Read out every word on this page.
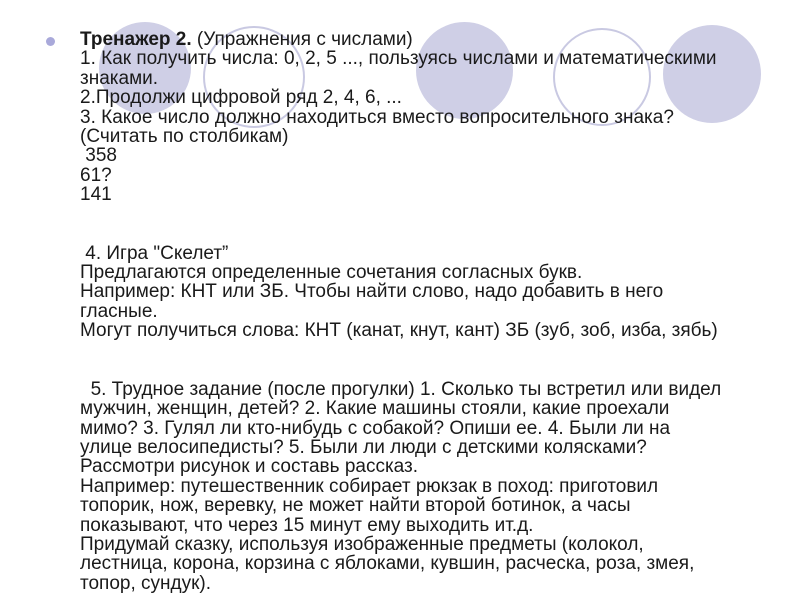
Тренажер 2. (Упражнения с числами)
1. Как получить числа: 0, 2, 5 ..., пользуясь числами и математическими
знаками.
2.Продолжи цифровой ряд 2, 4, 6, ...
3. Какое число должно находиться вместо вопросительного знака?
(Считать по столбикам)
358
61?
141
4. Игра "Скелет”
Предлагаются определенные сочетания согласных букв.
Например: КНТ или ЗБ. Чтобы найти слово, надо добавить в него
гласные.
Могут получиться слова: КНТ (канат, кнут, кант) ЗБ (зуб, зоб, изба, зябь)
5. Трудное задание (после прогулки) 1. Сколько ты встретил или видел
мужчин, женщин, детей? 2. Какие машины стояли, какие проехали
мимо? 3. Гулял ли кто-нибудь с собакой? Опиши ее. 4. Были ли на
улице велосипедисты? 5. Были ли люди с детскими колясками?
Рассмотри рисунок и составь рассказ.
Например: путешественник собирает рюкзак в поход: приготовил
топорик, нож, веревку, не может найти второй ботинок, а часы
показывают, что через 15 минут ему выходить ит.д.
Придумай сказку, используя изображенные предметы (колокол,
лестница, корона, корзина с яблоками, кувшин, расческа, роза, змея,
топор, сундук).
